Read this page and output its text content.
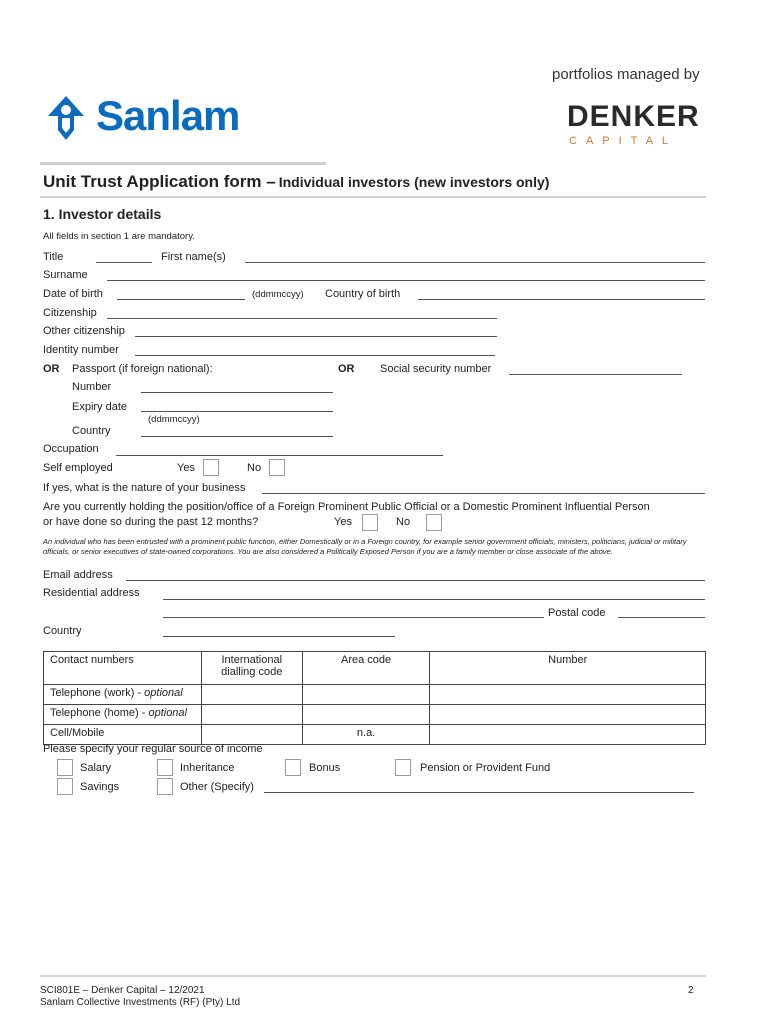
Sanlam
portfolios managed by
DENKER
CAPITAL
Unit Trust Application form – Individual investors (new investors only)
1. Investor details
All fields in section 1 are mandatory.
Title	First name(s)
Surname
Date of birth	(ddmmccyy) Country of birth
Citizenship
Other citizenship
Identity number
OR Passport (if foreign national):	OR Social security number
Number
Expiry date
(ddmmccyy)
Country
Occupation
Self employed	Yes	No
If yes, what is the nature of your business
Are you currently holding the position/office of a Foreign Prominent Public Official or a Domestic Prominent Influential Person
or have done so during the past 12 months?	Yes	No
An individual who has been entrusted with a prominent public function, either Domestically or in a Foreign country, for example senior government officials, ministers, politicians, judicial or military officials, or senior executives of state-owned corporations. You are also considered a Politically Exposed Person if you are a family member or close associate of the above.
Email address
Residential address
Postal code
Country
Contact numbers	International dialling code	Area code	Number
Telephone (work) - optional			
Telephone (home) - optional			
Cell/Mobile		n.a.	
Please specify your regular source of income
Salary	Inheritance	Bonus	Pension or Provident Fund
Savings	Other (Specify)
SCI801E – Denker Capital – 12/2021
Sanlam Collective Investments (RF) (Pty) Ltd
2
